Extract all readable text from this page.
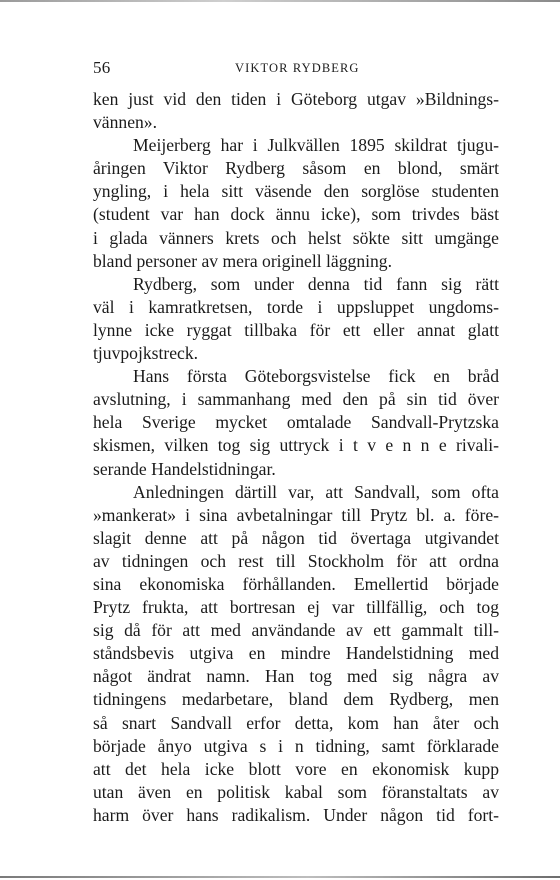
56	VIKTOR RYDBERG
ken just vid den tiden i Göteborg utgav »Bildnings-
vännen».
Meijerberg har i Julkvällen 1895 skildrat tjugu-
åringen Viktor Rydberg såsom en blond, smärt
yngling, i hela sitt väsende den sorglöse studenten
(student var han dock ännu icke), som trivdes bäst
i glada vänners krets och helst sökte sitt umgänge
bland personer av mera originell läggning.
Rydberg, som under denna tid fann sig rätt
väl i kamratkretsen, torde i uppsluppet ungdoms-
lynne icke ryggat tillbaka för ett eller annat glatt
tjuvpojkstreck.
Hans första Göteborgsvistelse fick en bråd
avslutning, i sammanhang med den på sin tid över
hela Sverige mycket omtalade Sandvall-Prytzska
skismen, vilken tog sig uttryck i t v e n n e rivali-
serande Handelstidningar.
Anledningen därtill var, att Sandvall, som ofta
»mankerat» i sina avbetalningar till Prytz bl. a. före-
slagit denne att på någon tid övertaga utgivandet
av tidningen och rest till Stockholm för att ordna
sina ekonomiska förhållanden. Emellertid började
Prytz frukta, att bortresan ej var tillfällig, och tog
sig då för att med användande av ett gammalt till-
ståndsbevis utgiva en mindre Handelstidning med
något ändrat namn. Han tog med sig några av
tidningens medarbetare, bland dem Rydberg, men
så snart Sandvall erfor detta, kom han åter och
började ånyo utgiva s i n tidning, samt förklarade
att det hela icke blott vore en ekonomisk kupp
utan även en politisk kabal som föranstaltats av
harm över hans radikalism. Under någon tid fort-
